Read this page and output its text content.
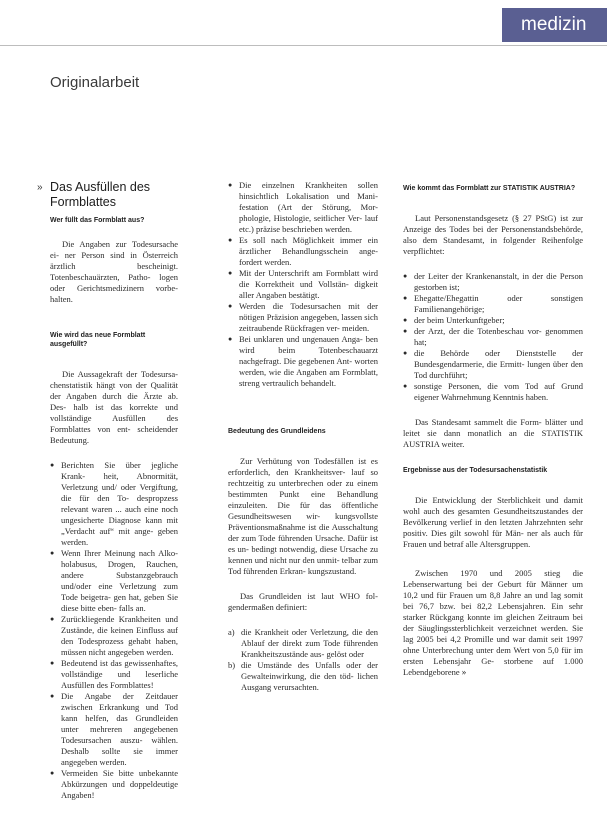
medizin
Originalarbeit
» Das Ausfüllen des Formblattes
Wer füllt das Formblatt aus?

Die Angaben zur Todesursache ei- ner Person sind in Österreich ärztlich bescheinigt. Totenbeschauärzten, Patho- logen oder Gerichtsmedizinern vorbe- halten.

Wie wird das neue Formblatt ausgefüllt?

Die Aussagekraft der Todesursa- chenstatistik hängt von der Qualität der Angaben durch die Ärzte ab. Des- halb ist das korrekte und vollständige Ausfüllen des Formblattes von ent- scheidender Bedeutung.

● Berichten Sie über jegliche Krank- heit, Abnormität, Verletzung und/ oder Vergiftung, die für den To- despropzess relevant waren ... auch eine noch ungesicherte Diagnose kann mit „Verdacht auf“ mit ange- geben werden.
● Wenn Ihrer Meinung nach Alko- holabusus, Drogen, Rauchen, andere Substanzgebrauch und/oder eine Verletzung zum Tode beigetra- gen hat, geben Sie diese bitte eben- falls an.
● Zurückliegende Krankheiten und Zustände, die keinen Einfluss auf den Todesprozess gehabt haben, müssen nicht angegeben werden.
● Bedeutend ist das gewissenhaftes, vollständige und leserliche Ausfüllen des Formblattes!
● Die Angabe der Zeitdauer zwischen Erkrankung und Tod kann helfen, das Grundleiden unter mehreren angegebenen Todesursachen auszu- wählen. Deshalb sollte sie immer angegeben werden.
● Vermeiden Sie bitte unbekannte Abkürzungen und doppeldeutige Angaben!
● Die einzelnen Krankheiten sollen hinsichtlich Lokalisation und Mani- festation (Art der Störung, Mor- phologie, Histologie, seitlicher Ver- lauf etc.) präzise beschrieben werden.
● Es soll nach Möglichkeit immer ein ärztlicher Behandlungsschein ange- fordert werden.
● Mit der Unterschrift am Formblatt wird die Korrektheit und Vollstän- digkeit aller Angaben bestätigt.
● Werden die Todesursachen mit der nötigen Präzision angegeben, lassen sich zeitraubende Rückfragen ver- meiden.
● Bei unklaren und ungenauen Anga- ben wird beim Totenbeschauarzt nachgefragt. Die gegebenen Ant- worten werden, wie die Angaben am Formblatt, streng vertraulich behandelt.
Bedeutung des Grundleidens

Zur Verhütung von Todesfällen ist es erforderlich, den Krankheitsver- lauf so rechtzeitig zu unterbrechen oder zu einem bestimmten Punkt eine Behandlung einzuleiten. Die für das öffentliche Gesundheitswesen wir- kungsvollste Präventionsmaßnahme ist die Ausschaltung der zum Tode führenden Ursache. Dafür ist es un- bedingt notwendig, diese Ursache zu kennen und nicht nur den unmit- telbar zum Tod führenden Erkran- kungszustand.

Das Grundleiden ist laut WHO fol- gendermaßen definiert:

a) die Krankheit oder Verletzung, die den Ablauf der direkt zum Tode führenden Krankheitszustände aus- gelöst oder
b) die Umstände des Unfalls oder der Gewalteinwirkung, die den töd- lichen Ausgang verursachten.
Wie kommt das Formblatt zur STATISTIK AUSTRIA?

Laut Personenstandsgesetz (§ 27 PStG) ist zur Anzeige des Todes bei der Personenstandsbehörde, also dem Standesamt, in folgender Reihenfolge verpflichtet:

● der Leiter der Krankenanstalt, in der die Person gestorben ist;
● Ehegatte/Ehegattin oder sonstigen Familienangehörige;
● der beim Unterkunftgeber;
● der Arzt, der die Totenbeschau vor- genommen hat;
● die Behörde oder Dienststelle der Bundesgendarmerie, die Ermitt- lungen über den Tod durchführt;
● sonstige Personen, die vom Tod auf Grund eigener Wahrnehmung Kenntnis haben.

Das Standesamt sammelt die Form- blätter und leitet sie dann monatlich an die STATISTIK AUSTRIA weiter.

Ergebnisse aus der Todesursachenstatistik

Die Entwicklung der Sterblichkeit und damit wohl auch des gesamten Gesundheitszustandes der Bevölkerung verlief in den letzten Jahrzehnten sehr positiv. Dies gilt sowohl für Män- ner als auch für Frauen und betraf alle Altersgruppen.

Zwischen 1970 und 2005 stieg die Lebenserwartung bei der Geburt für Männer um 10,2 und für Frauen um 8,8 Jahre an und lag somit bei 76,7 bzw. bei 82,2 Lebensjahren. Ein sehr starker Rückgang konnte im gleichen Zeitraum bei der Säuglingssterblichkeit verzeichnet werden. Sie lag 2005 bei 4,2 Promille und war damit seit 1997 ohne Unterbrechung unter dem Wert von 5,0 für im ersten Lebensjahr Ge- storbene auf 1.000 Lebendgeborene »
